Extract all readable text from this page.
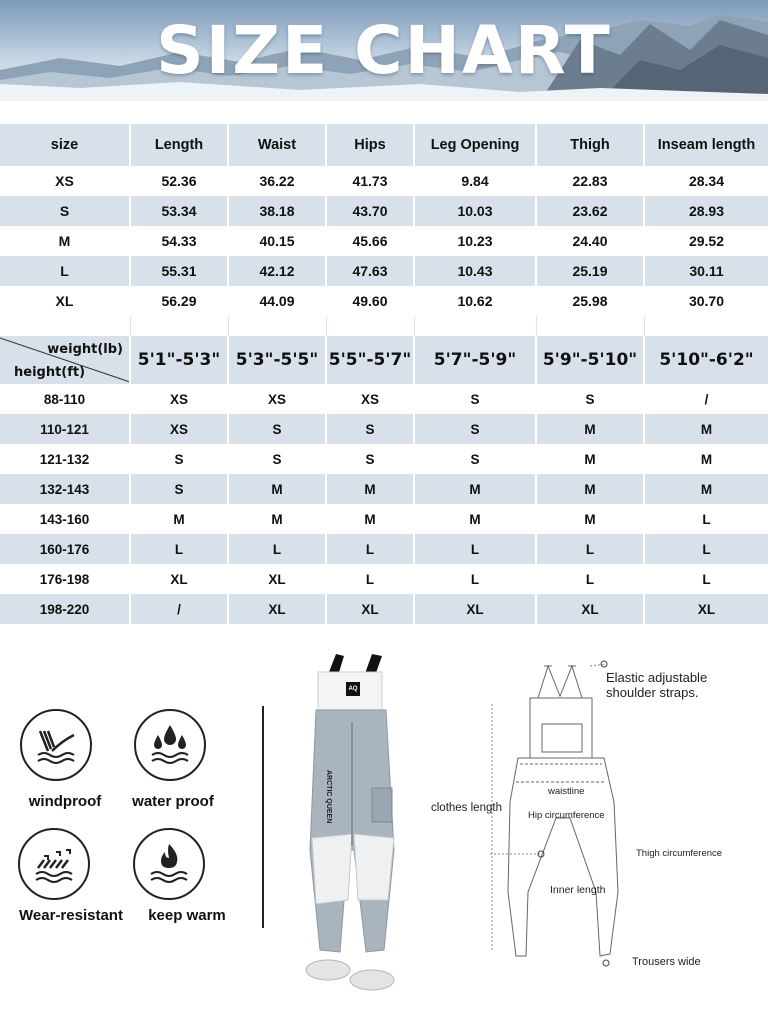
SIZE CHART
size	Length	Waist	Hips	Leg Opening	Thigh	Inseam length
XS	52.36	36.22	41.73	9.84	22.83	28.34
S	53.34	38.18	43.70	10.03	23.62	28.93
M	54.33	40.15	45.66	10.23	24.40	29.52
L	55.31	42.12	47.63	10.43	25.19	30.11
XL	56.29	44.09	49.60	10.62	25.98	30.70

weight(lb)
height(ft)	5'1"-5'3"	5'3"-5'5"	5'5"-5'7"	5'7"-5'9"	5'9"-5'10"	5'10"-6'2"
88-110	XS	XS	XS	S	S	/
110-121	XS	S	S	S	M	M
121-132	S	S	S	S	M	M
132-143	S	M	M	M	M	M
143-160	M	M	M	M	M	L
160-176	L	L	L	L	L	L
176-198	XL	XL	L	L	L	L
198-220	/	XL	XL	XL	XL	XL
windproof	water proof
Wear-resistant	keep warm
AQ
ARCTIC QUEEN
Elastic adjustable shoulder straps.
clothes length
waistline
Hip circumference
Thigh circumference
Inner length
Trousers wide
